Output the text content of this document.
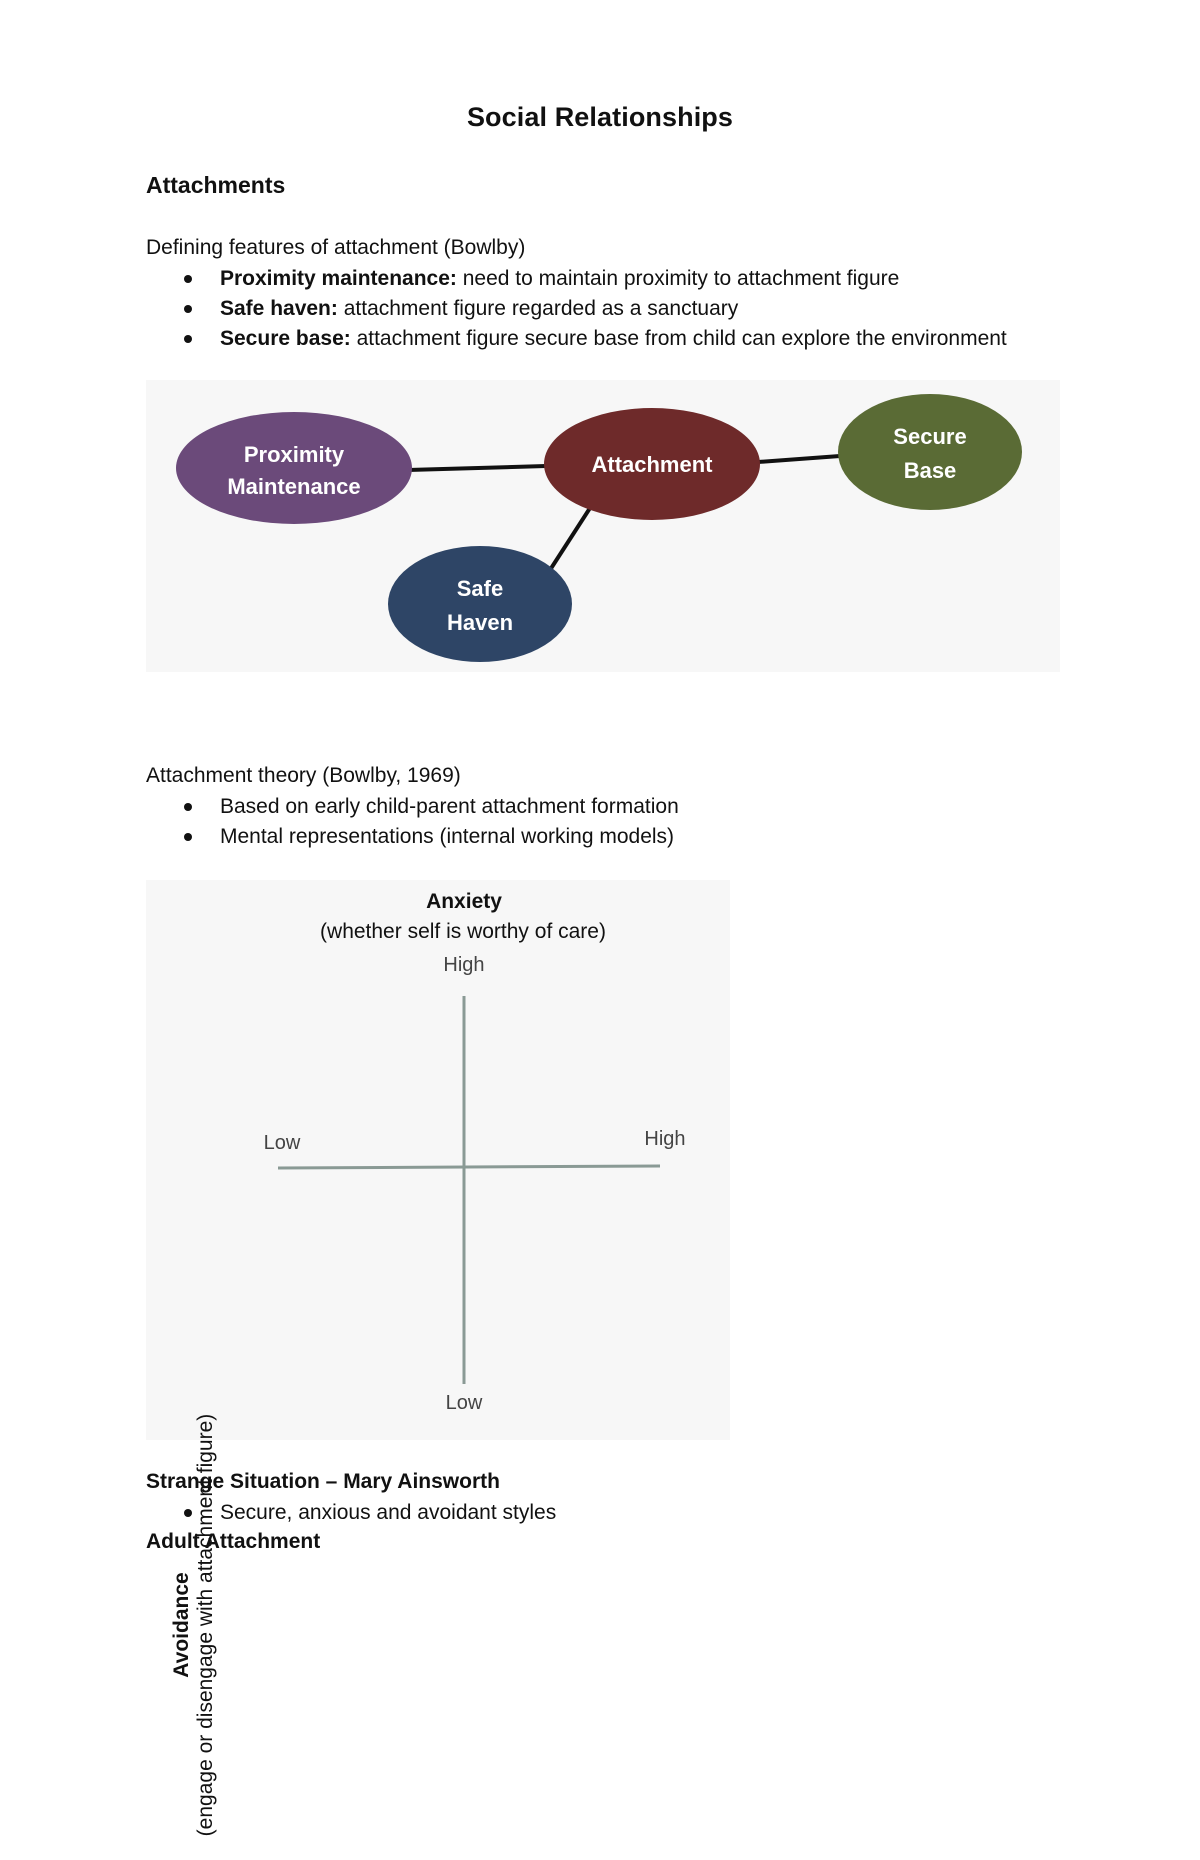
Social Relationships
Attachments
Defining features of attachment (Bowlby)
Proximity maintenance: need to maintain proximity to attachment figure
Safe haven: attachment figure regarded as a sanctuary
Secure base: attachment figure secure base from child can explore the environment
Proximity
Maintenance
Attachment
Secure
Base
Safe
Haven
Attachment theory (Bowlby, 1969)
Based on early child-parent attachment formation
Mental representations (internal working models)
Anxiety
(whether self is worthy of care)
High
Low
Low	High
Avoidance (engage or disengage with attachment figure)
Strange Situation – Mary Ainsworth
Secure, anxious and avoidant styles
Adult Attachment
